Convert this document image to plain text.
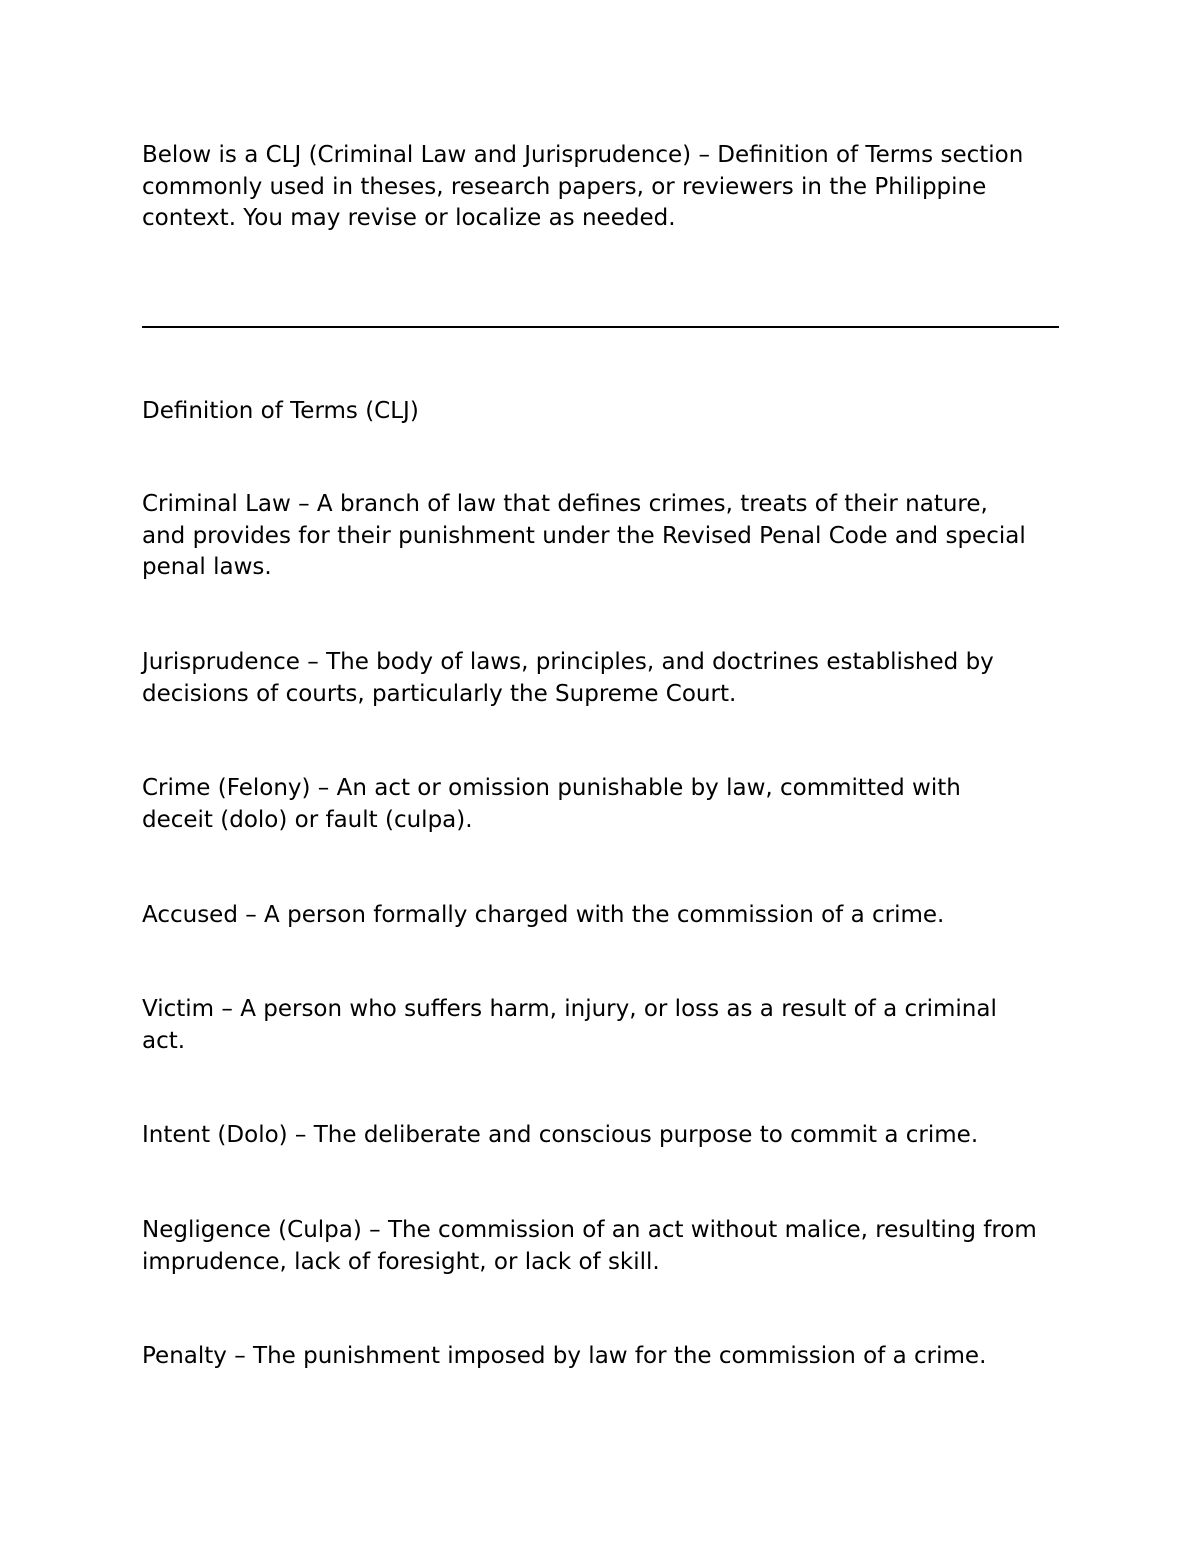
Below is a CLJ (Criminal Law and Jurisprudence) – Definition of Terms section
commonly used in theses, research papers, or reviewers in the Philippine
context. You may revise or localize as needed.

Definition of Terms (CLJ)

Criminal Law – A branch of law that defines crimes, treats of their nature,
and provides for their punishment under the Revised Penal Code and special
penal laws.

Jurisprudence – The body of laws, principles, and doctrines established by
decisions of courts, particularly the Supreme Court.

Crime (Felony) – An act or omission punishable by law, committed with
deceit (dolo) or fault (culpa).

Accused – A person formally charged with the commission of a crime.

Victim – A person who suffers harm, injury, or loss as a result of a criminal
act.

Intent (Dolo) – The deliberate and conscious purpose to commit a crime.

Negligence (Culpa) – The commission of an act without malice, resulting from
imprudence, lack of foresight, or lack of skill.

Penalty – The punishment imposed by law for the commission of a crime.
